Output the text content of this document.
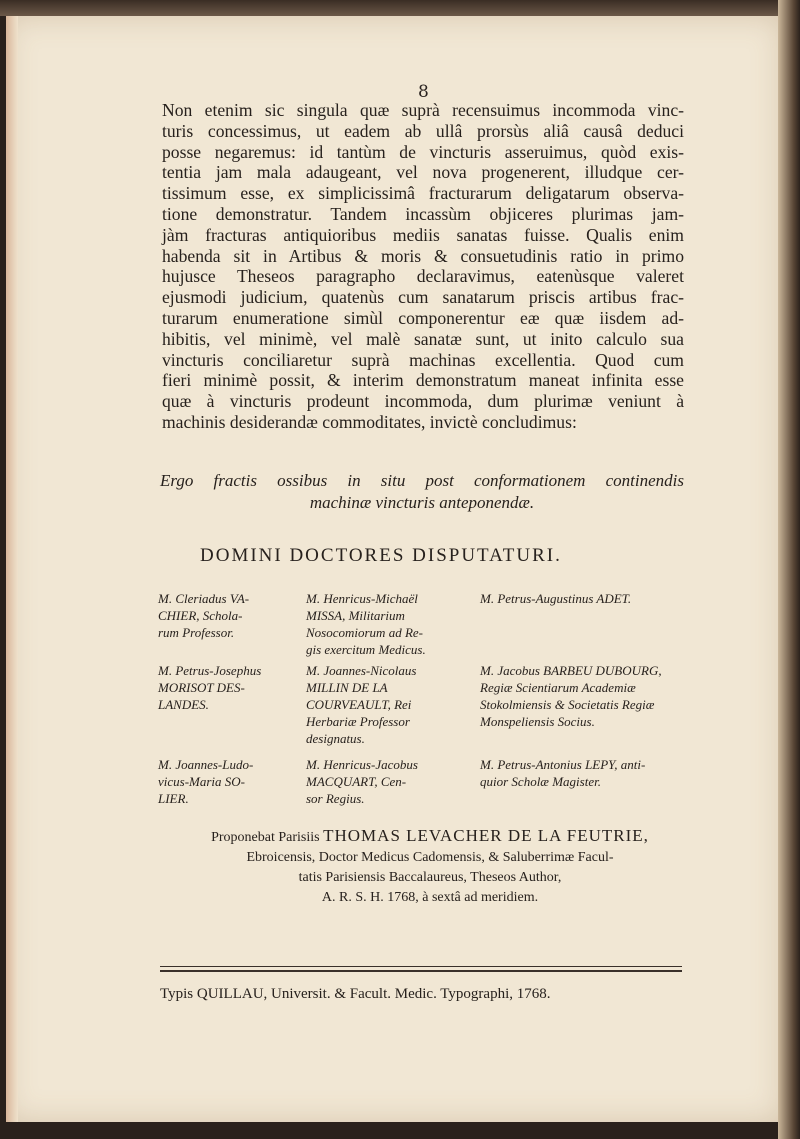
8
Non etenim sic singula quæ suprà recensuimus incommoda vinc-
turis concessimus, ut eadem ab ullâ prorsùs aliâ causâ deduci
posse negaremus: id tantùm de vincturis asseruimus, quòd exis-
tentia jam mala adaugeant, vel nova progenerent, illudque cer-
tissimum esse, ex simplicissimâ fracturarum deligatarum observa-
tione demonstratur. Tandem incassùm objiceres plurimas jam-
jàm fracturas antiquioribus mediis sanatas fuisse. Qualis enim
habenda sit in Artibus & moris & consuetudinis ratio in primo
hujusce Theseos paragrapho declaravimus, eatenùsque valeret
ejusmodi judicium, quatenùs cum sanatarum priscis artibus frac-
turarum enumeratione simùl componerentur eæ quæ iisdem ad-
hibitis, vel minimè, vel malè sanatæ sunt, ut inito calculo sua
vincturis conciliaretur suprà machinas excellentia. Quod cum
fieri minimè possit, & interim demonstratum maneat infinita esse
quæ à vincturis prodeunt incommoda, dum plurimæ veniunt à
machinis desiderandæ commoditates, invictè concludimus:
Ergo fractis ossibus in situ post conformationem continendis
machinæ vincturis anteponendæ.
DOMINI DOCTORES DISPUTATURI.
M. Cleriadus VA-
CHIER, Schola-
rum Professor.
M. Henricus-Michaël
MISSA, Militarium
Nosocomiorum ad Re-
gis exercitum Medicus.
M. Petrus-Augustinus ADET.
M. Petrus-Josephus
MORISOT DES-
LANDES.
M. Joannes-Nicolaus
MILLIN DE LA
COURVEAULT, Rei
Herbariæ Professor
designatus.
M. Jacobus BARBEU DUBOURG,
Regiæ Scientiarum Academiæ
Stokolmiensis & Societatis Regiæ
Monspeliensis Socius.
M. Joannes-Ludo-
vicus-Maria SO-
LIER.
M. Henricus-Jacobus
MACQUART, Cen-
sor Regius.
M. Petrus-Antonius LEPY, anti-
quior Scholæ Magister.
Proponebat Parisiis THOMAS LEVACHER DE LA FEUTRIE,
Ebroicensis, Doctor Medicus Cadomensis, & Saluberrimæ Facul-
tatis Parisiensis Baccalaureus, Theseos Author,
A. R. S. H. 1768, à sextâ ad meridiem.
Typis QUILLAU, Universit. & Facult. Medic. Typographi, 1768.
